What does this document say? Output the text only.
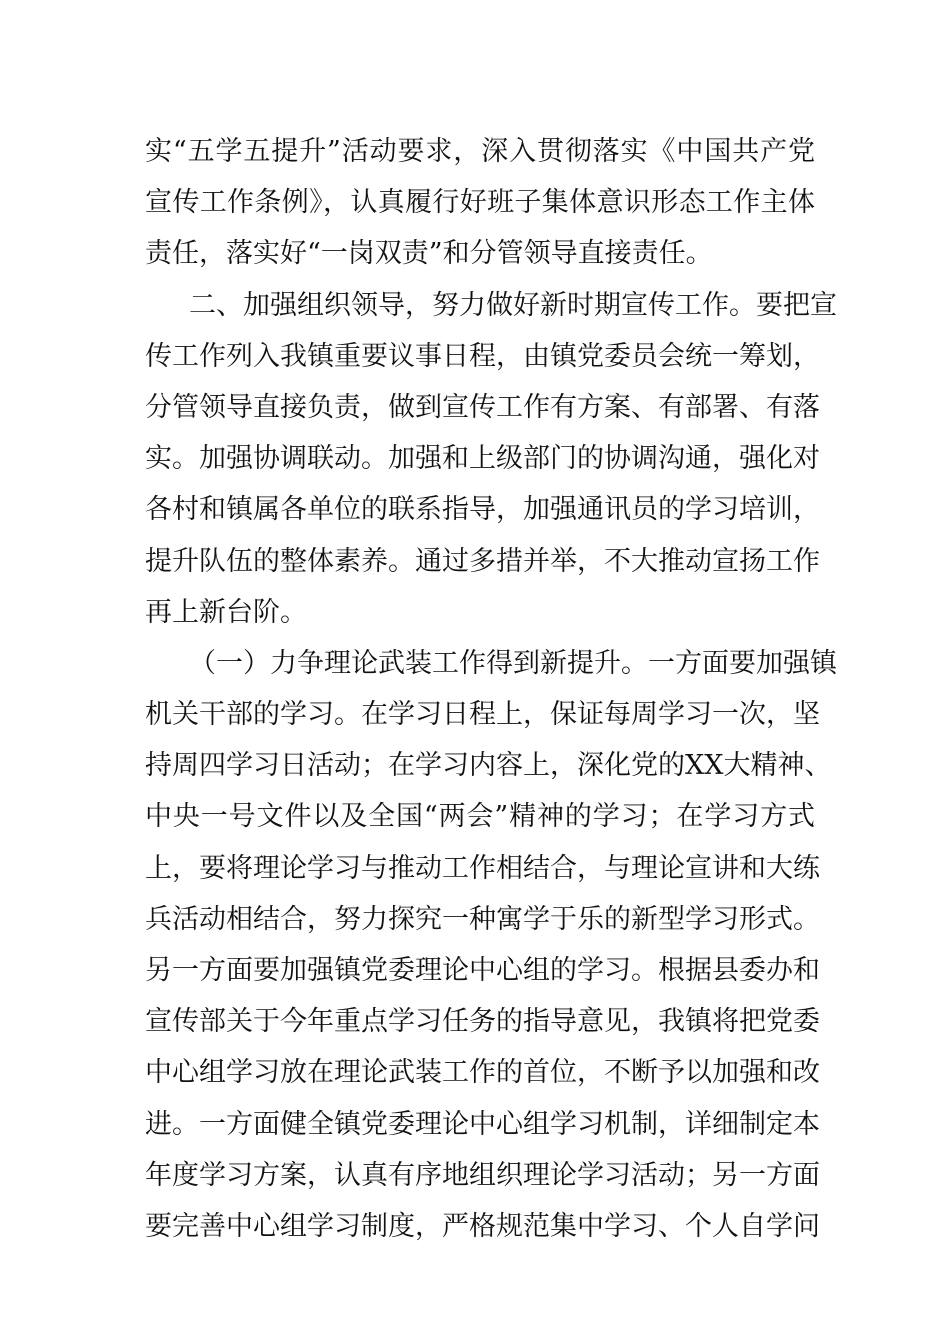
实“五学五提升”活动要求，深入贯彻落实《中国共产党
宣传工作条例》，认真履行好班子集体意识形态工作主体
责任，落实好“一岗双责”和分管领导直接责任。
二、加强组织领导，努力做好新时期宣传工作。要把宣
传工作列入我镇重要议事日程，由镇党委员会统一筹划，
分管领导直接负责，做到宣传工作有方案、有部署、有落
实。加强协调联动。加强和上级部门的协调沟通，强化对
各村和镇属各单位的联系指导，加强通讯员的学习培训，
提升队伍的整体素养。通过多措并举，不大推动宣扬工作
再上新台阶。
（一）力争理论武装工作得到新提升。一方面要加强镇
机关干部的学习。在学习日程上，保证每周学习一次，坚
持周四学习日活动；在学习内容上，深化党的XX大精神、
中央一号文件以及全国“两会”精神的学习；在学习方式
上，要将理论学习与推动工作相结合，与理论宣讲和大练
兵活动相结合，努力探究一种寓学于乐的新型学习形式。
另一方面要加强镇党委理论中心组的学习。根据县委办和
宣传部关于今年重点学习任务的指导意见，我镇将把党委
中心组学习放在理论武装工作的首位，不断予以加强和改
进。一方面健全镇党委理论中心组学习机制，详细制定本
年度学习方案，认真有序地组织理论学习活动；另一方面
要完善中心组学习制度，严格规范集中学习、个人自学问
